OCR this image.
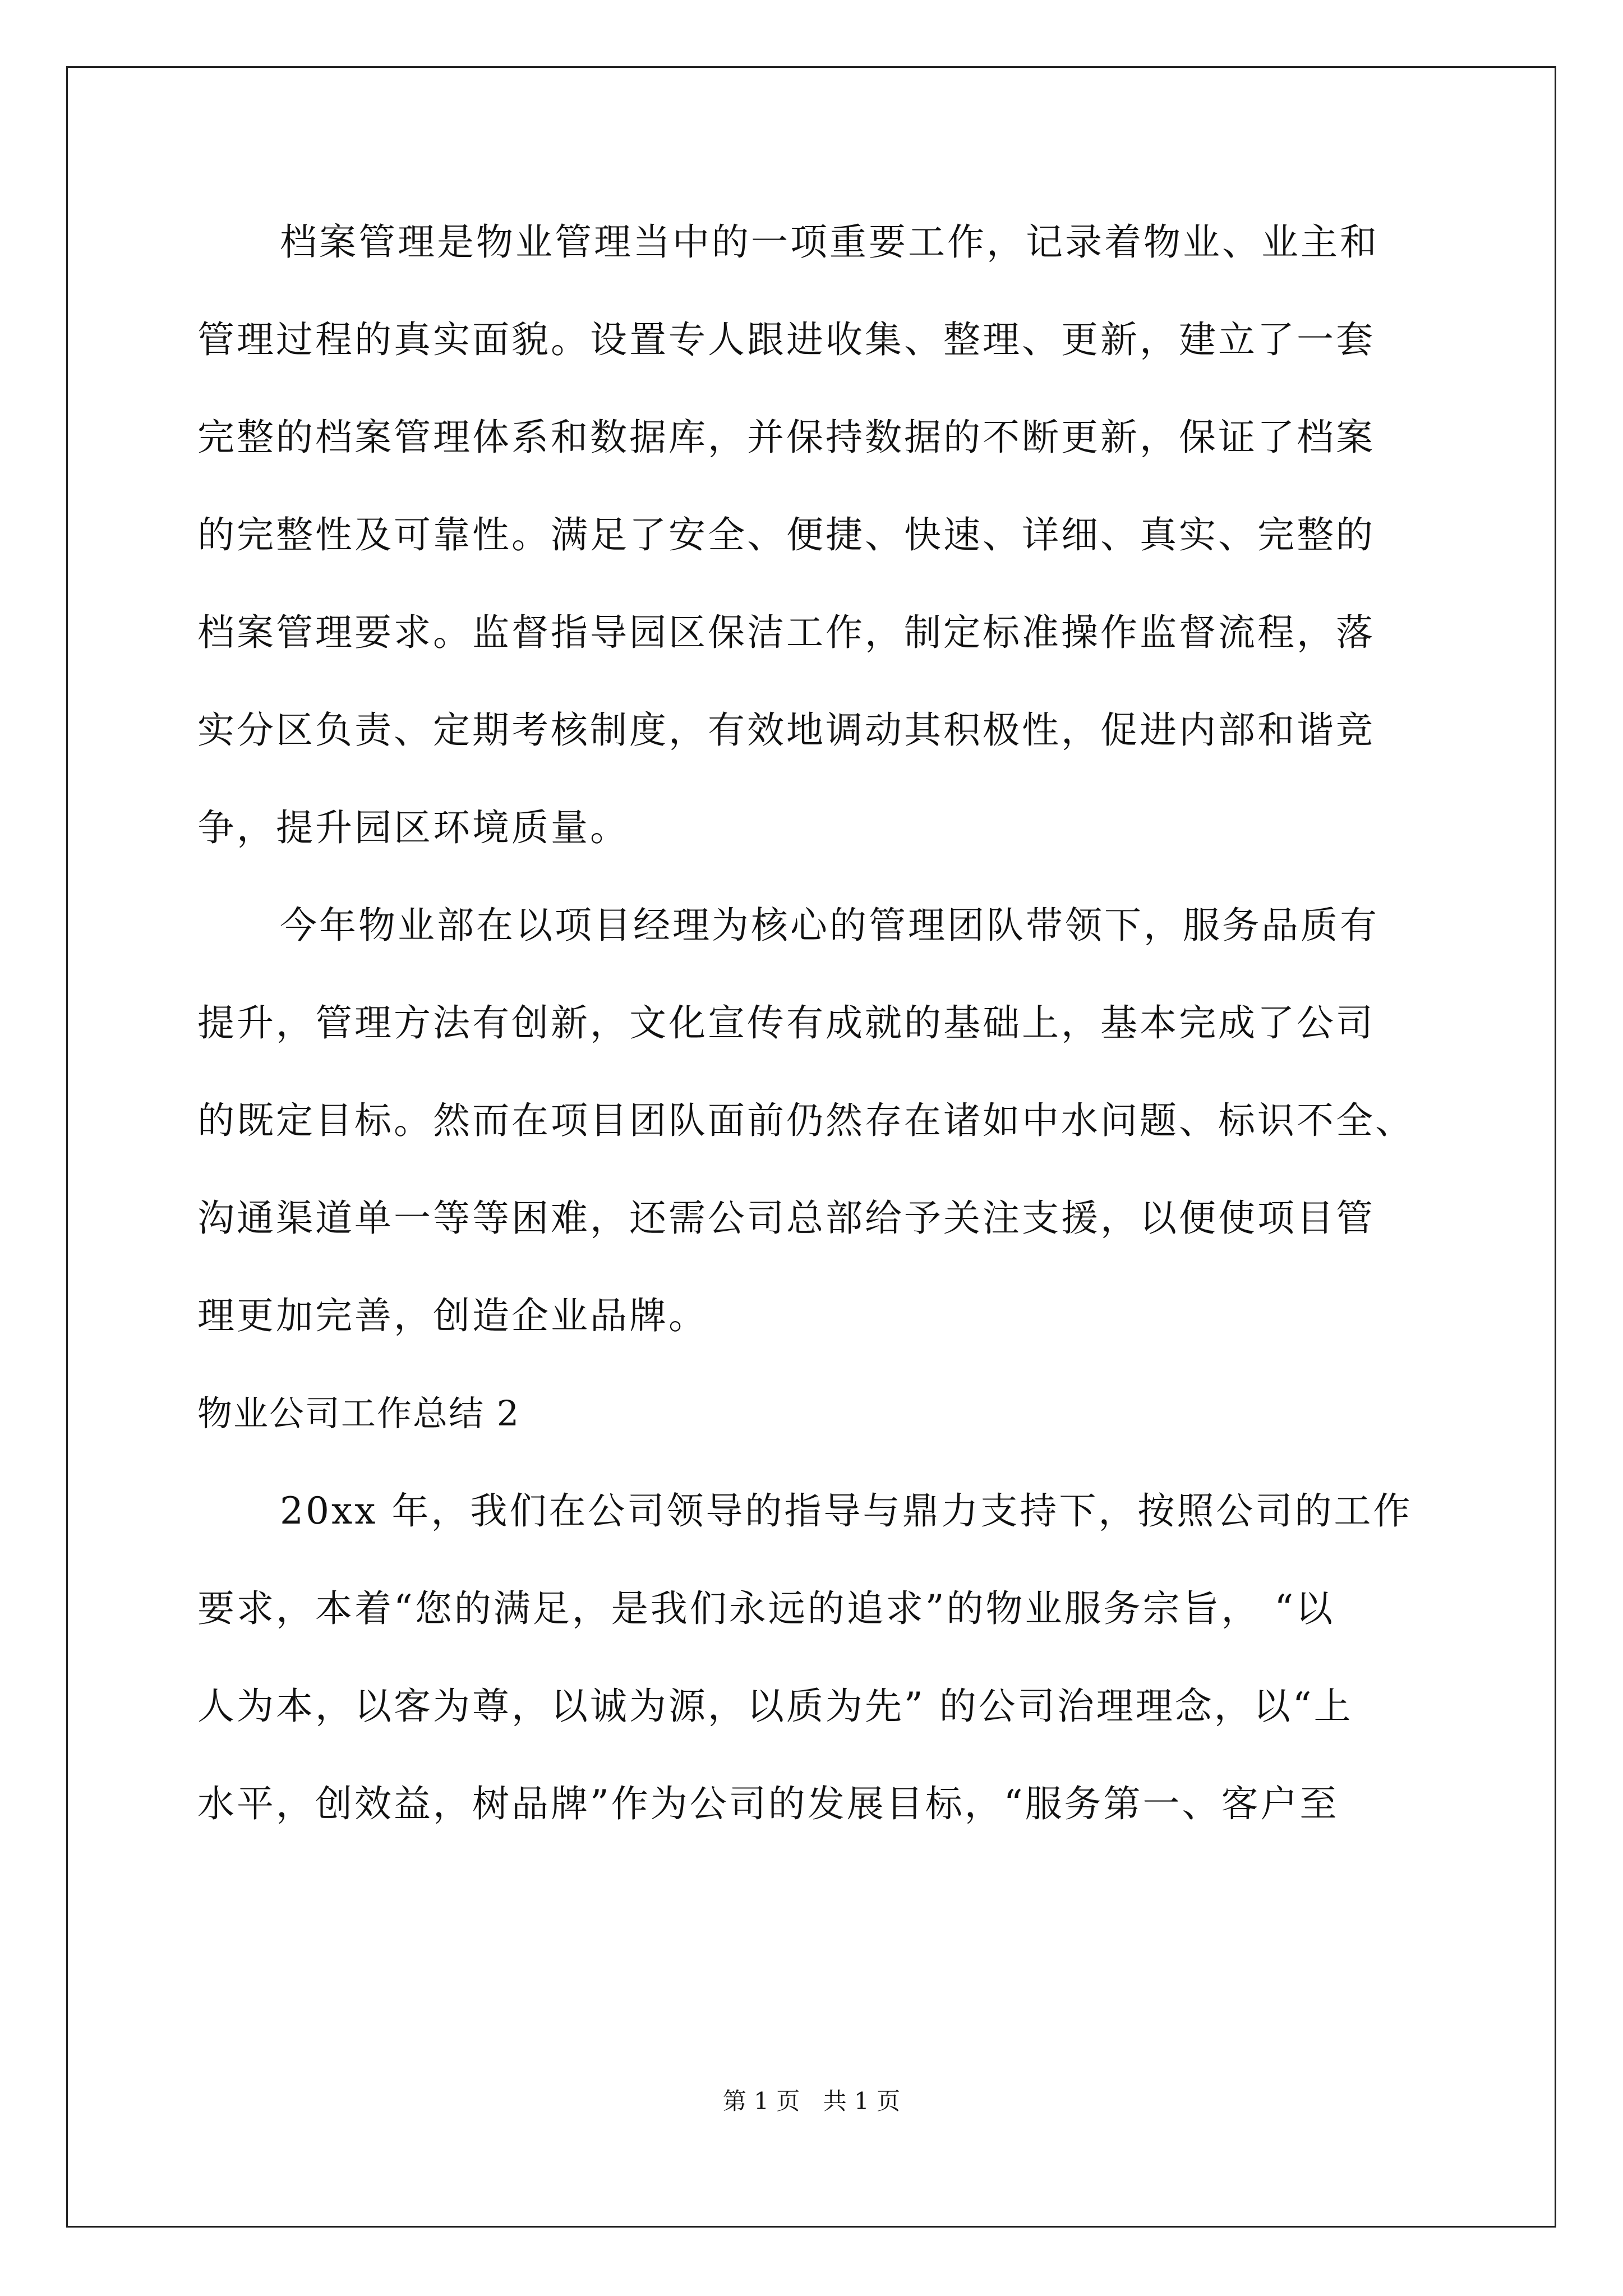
档案管理是物业管理当中的一项重要工作，记录着物业、业主和
管理过程的真实面貌。设置专人跟进收集、整理、更新，建立了一套
完整的档案管理体系和数据库，并保持数据的不断更新，保证了档案
的完整性及可靠性。满足了安全、便捷、快速、详细、真实、完整的
档案管理要求。监督指导园区保洁工作，制定标准操作监督流程，落
实分区负责、定期考核制度，有效地调动其积极性，促进内部和谐竞
争，提升园区环境质量。
今年物业部在以项目经理为核心的管理团队带领下，服务品质有
提升，管理方法有创新，文化宣传有成就的基础上，基本完成了公司
的既定目标。然而在项目团队面前仍然存在诸如中水问题、标识不全、
沟通渠道单一等等困难，还需公司总部给予关注支援，以便使项目管
理更加完善，创造企业品牌。
物业公司工作总结 2
20xx 年，我们在公司领导的指导与鼎力支持下，按照公司的工作
要求，本着“您的满足，是我们永远的追求”的物业服务宗旨， “以
人为本，以客为尊，以诚为源，以质为先” 的公司治理理念，以“上
水平，创效益，树品牌”作为公司的发展目标，“服务第一、客户至
第 1 页 共 1 页
